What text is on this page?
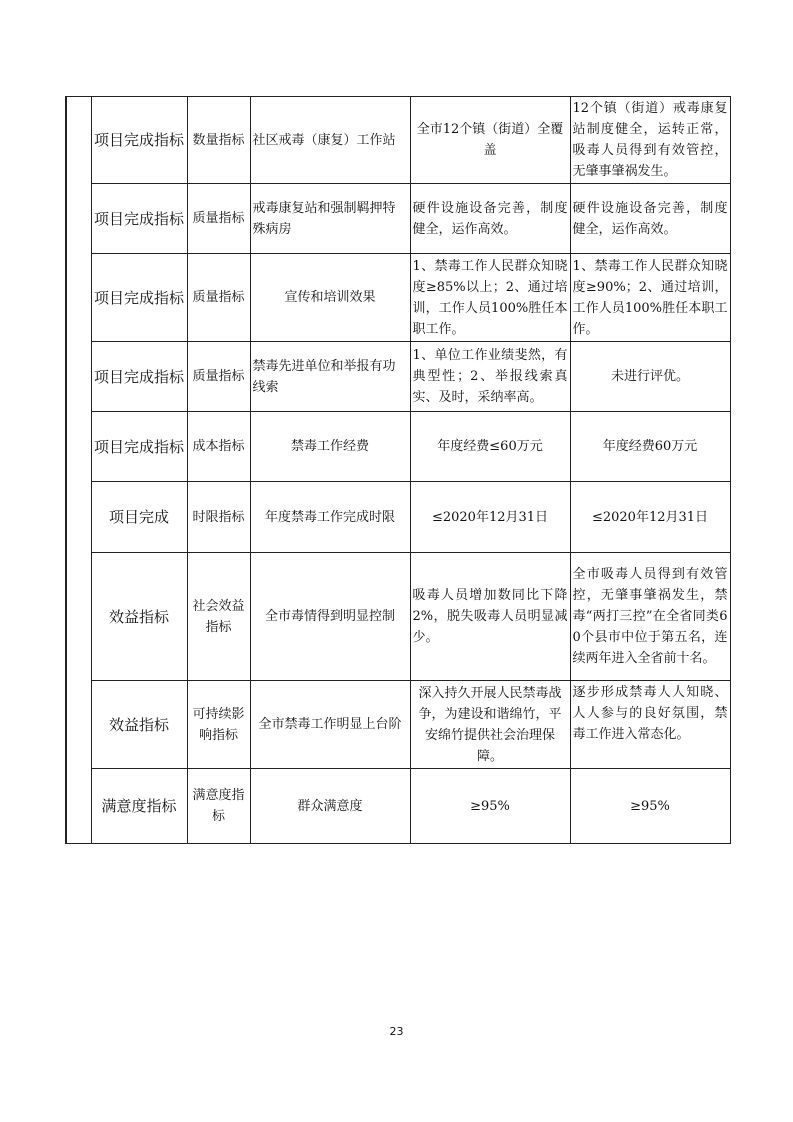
	项目完成指标	数量指标	社区戒毒（康复）工作站	全市12个镇（街道）全覆盖	12个镇（街道）戒毒康复站制度健全，运转正常，吸毒人员得到有效管控，无肇事肇祸发生。
	项目完成指标	质量指标	戒毒康复站和强制羁押特殊病房	硬件设施设备完善，制度健全，运作高效。	硬件设施设备完善，制度健全，运作高效。
	项目完成指标	质量指标	宣传和培训效果	1、禁毒工作人民群众知晓度≥85%以上；2、通过培训，工作人员100%胜任本职工作。	1、禁毒工作人民群众知晓度≥90%；2、通过培训，工作人员100%胜任本职工作。
	项目完成指标	质量指标	禁毒先进单位和举报有功线索	1、单位工作业绩斐然，有典型性；2、举报线索真实、及时，采纳率高。	未进行评优。
	项目完成指标	成本指标	禁毒工作经费	年度经费≤60万元	年度经费60万元
	项目完成	时限指标	年度禁毒工作完成时限	≤2020年12月31日	≤2020年12月31日
	效益指标	社会效益指标	全市毒情得到明显控制	吸毒人员增加数同比下降2%，脱失吸毒人员明显减少。	全市吸毒人员得到有效管控，无肇事肇祸发生，禁毒“两打三控”在全省同类60个县市中位于第五名，连续两年进入全省前十名。
	效益指标	可持续影响指标	全市禁毒工作明显上台阶	深入持久开展人民禁毒战争，为建设和谐绵竹，平安绵竹提供社会治理保障。	逐步形成禁毒人人知晓、人人参与的良好氛围，禁毒工作进入常态化。
	满意度指标	满意度指标	群众满意度	≥95%	≥95%
23
